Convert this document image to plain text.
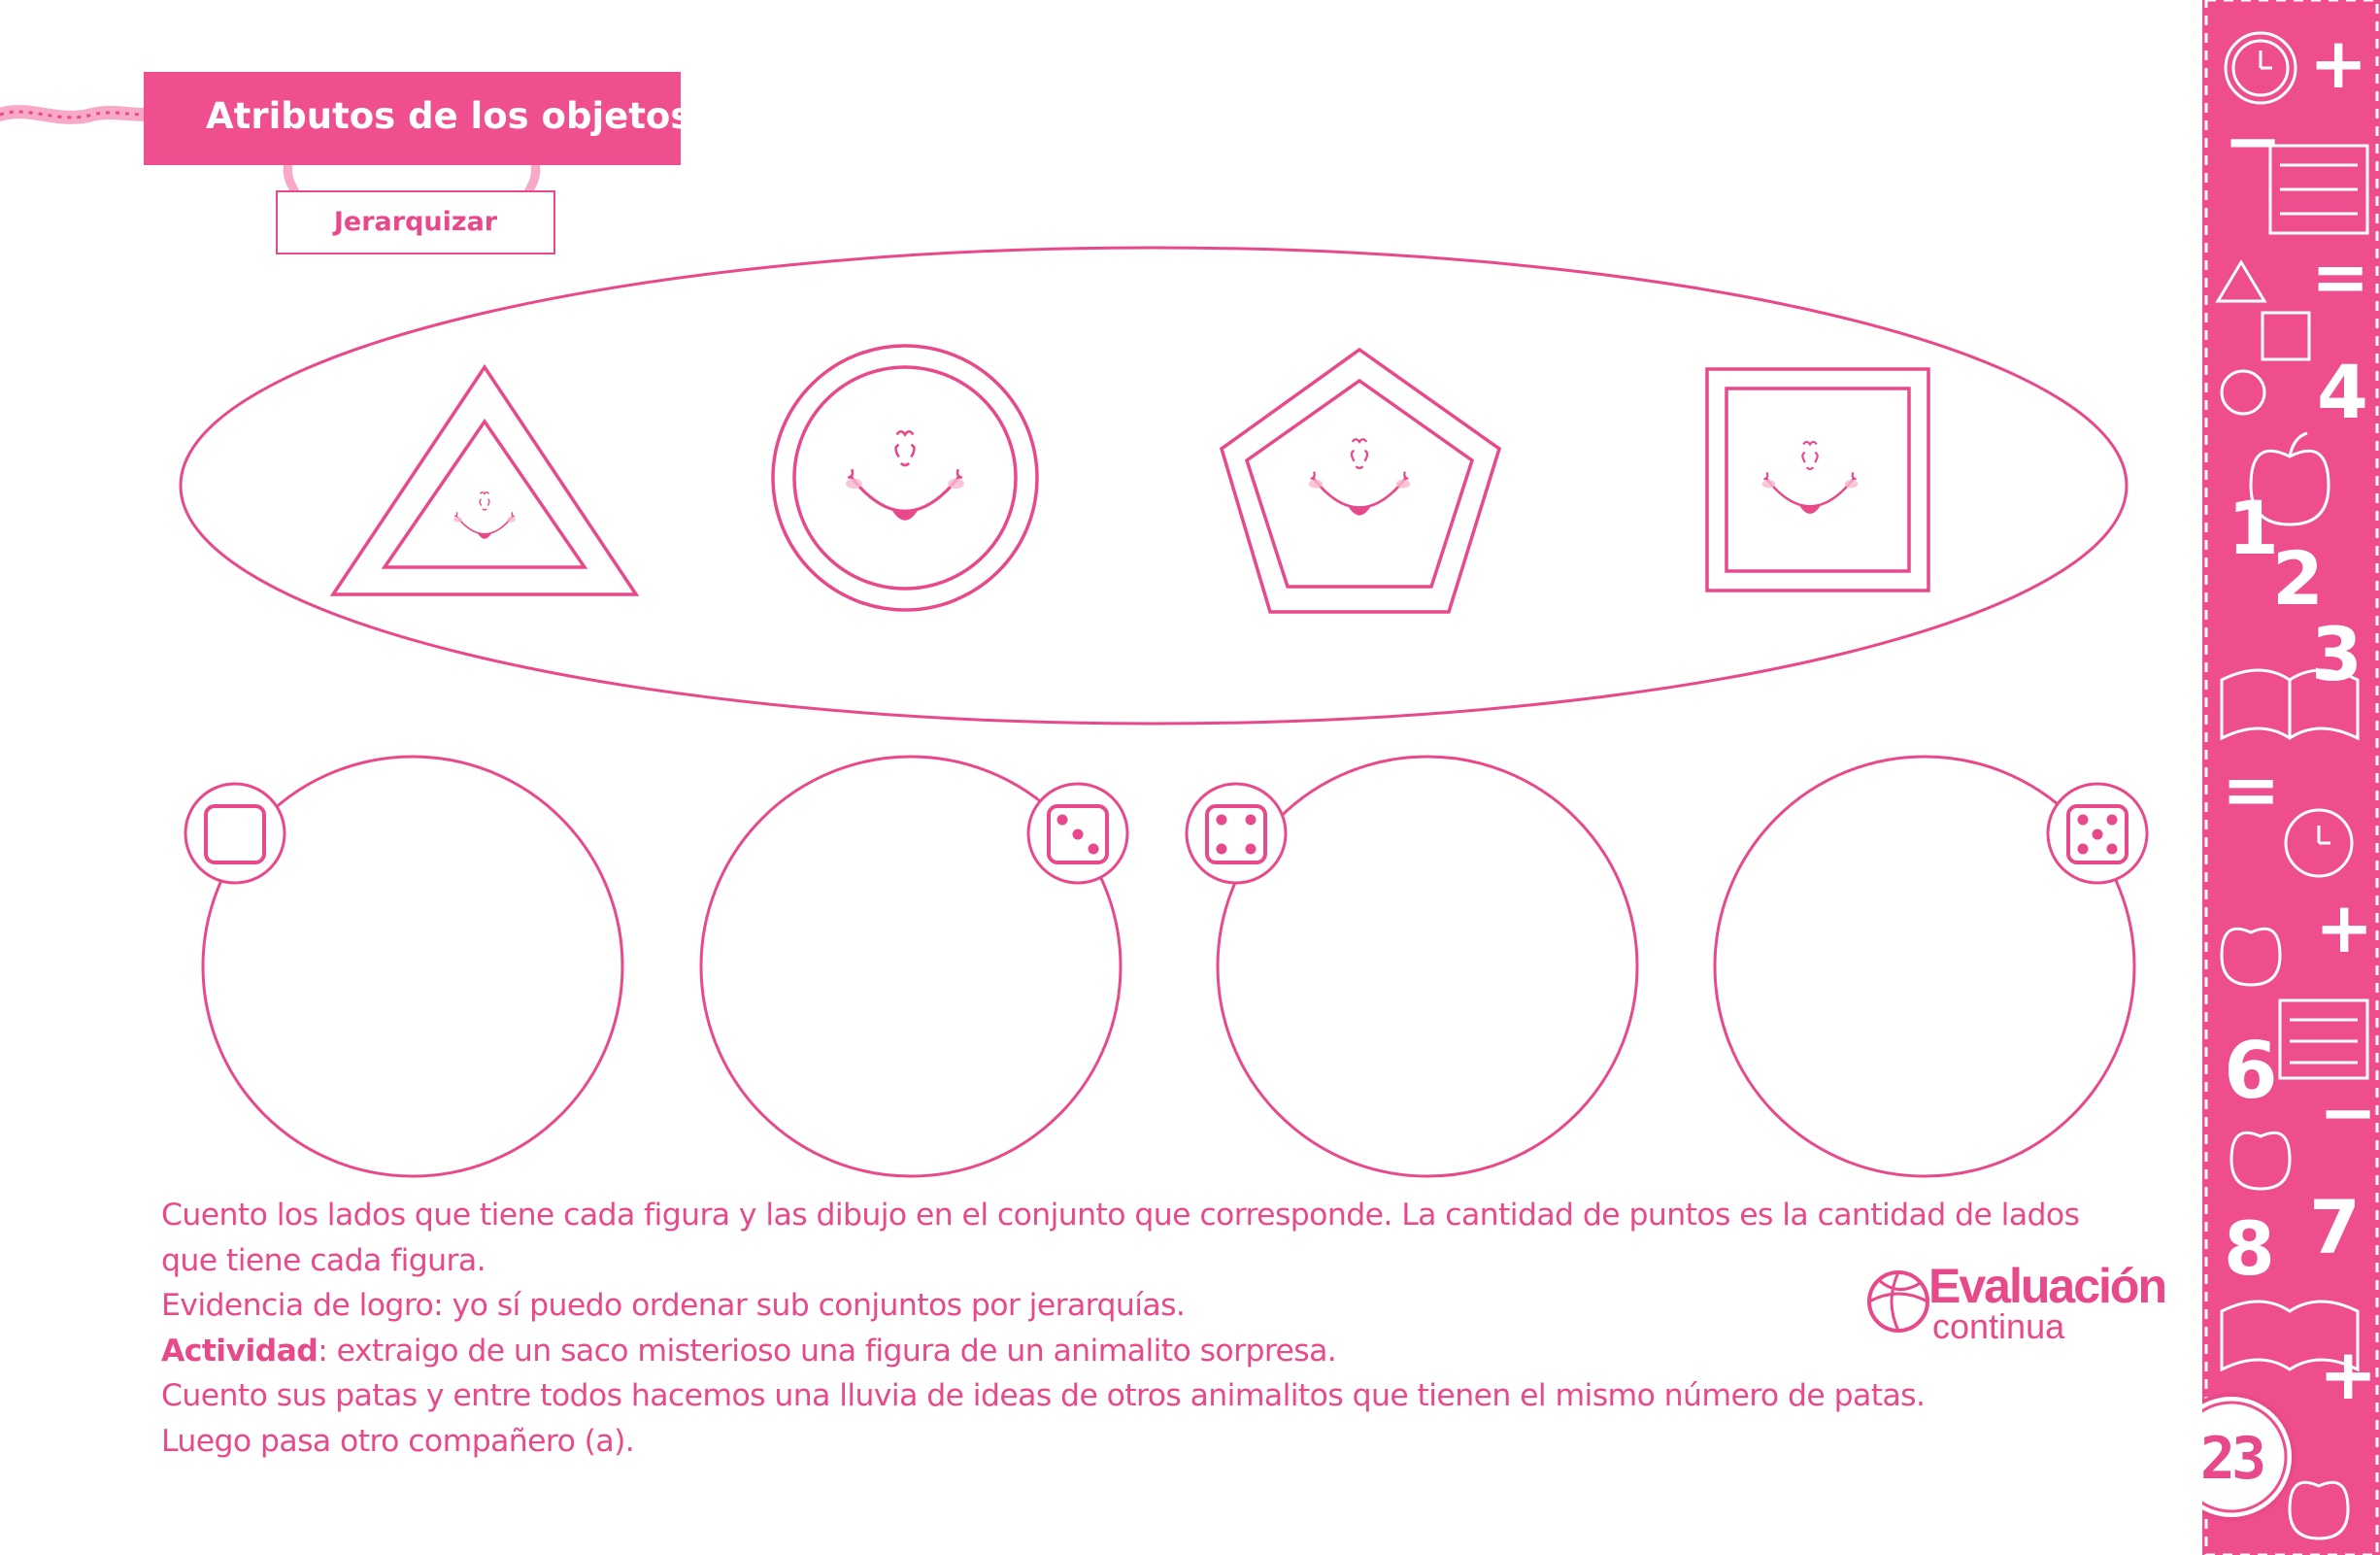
Atributos de los objetos
Jerarquizar

Cuento los lados que tiene cada figura y las dibujo en el conjunto que corresponde. La cantidad de puntos es la cantidad de lados que tiene cada figura.

Evidencia de logro: yo sí puedo ordenar sub conjuntos por jerarquías.

Actividad: extraigo de un saco misterioso una figura de un animalito sorpresa.

Cuento sus patas y entre todos hacemos una lluvia de ideas de otros animalitos que tienen el mismo número de patas.

Luego pasa otro compañero (a).

Evaluación
continua
1
2
3
4
6
7
8
+
−
=
+
−
=
+
23
